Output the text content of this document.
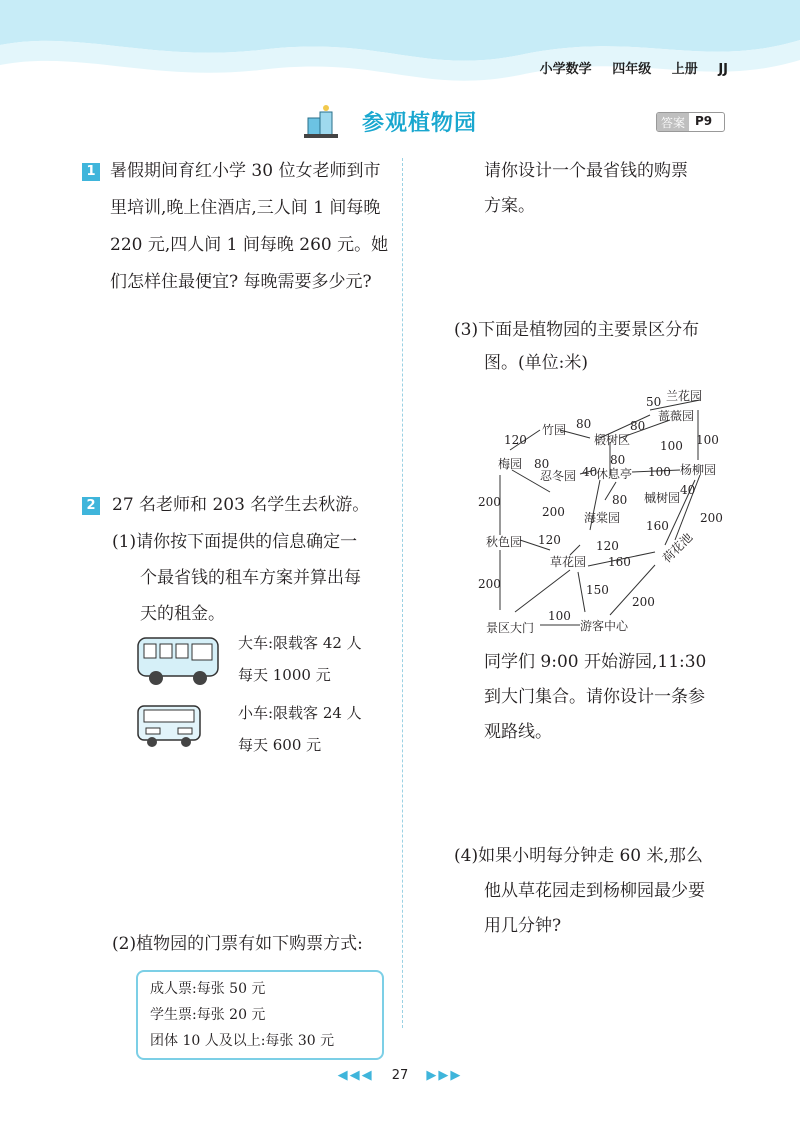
小学数学 四年级 上册 JJ
参观植物园	答案 P9
1 暑假期间育红小学 30 位女老师到市
里培训,晚上住酒店,三人间 1 间每晚
220 元,四人间 1 间每晚 260 元。她
们怎样住最便宜? 每晚需要多少元?
2 27 名老师和 203 名学生去秋游。
(1)请你按下面提供的信息确定一
个最省钱的租车方案并算出每
天的租金。
大车:限载客 42 人
每天 1000 元
小车:限载客 24 人
每天 600 元
(2)植物园的门票有如下购票方式:
成人票:每张 50 元
学生票:每张 20 元
团体 10 人及以上:每张 30 元
请你设计一个最省钱的购票
方案。
(3)下面是植物园的主要景区分布
图。(单位:米)
兰花园
蔷薇园
竹园
椴树区
梅园
忍冬园 休息亭	杨柳园
槭树园
海棠园
秋色园
草花园	荷花池
景区大门	游客中心
50
80
80
100 100
120
80	80
40	100
40
80
200
200
120	120
160
200
160
200	150
200
100
同学们 9:00 开始游园,11:30
到大门集合。请你设计一条参
观路线。
(4)如果小明每分钟走 60 米,那么
他从草花园走到杨柳园最少要
用几分钟?
◀◀◀ 27 ▶▶▶
